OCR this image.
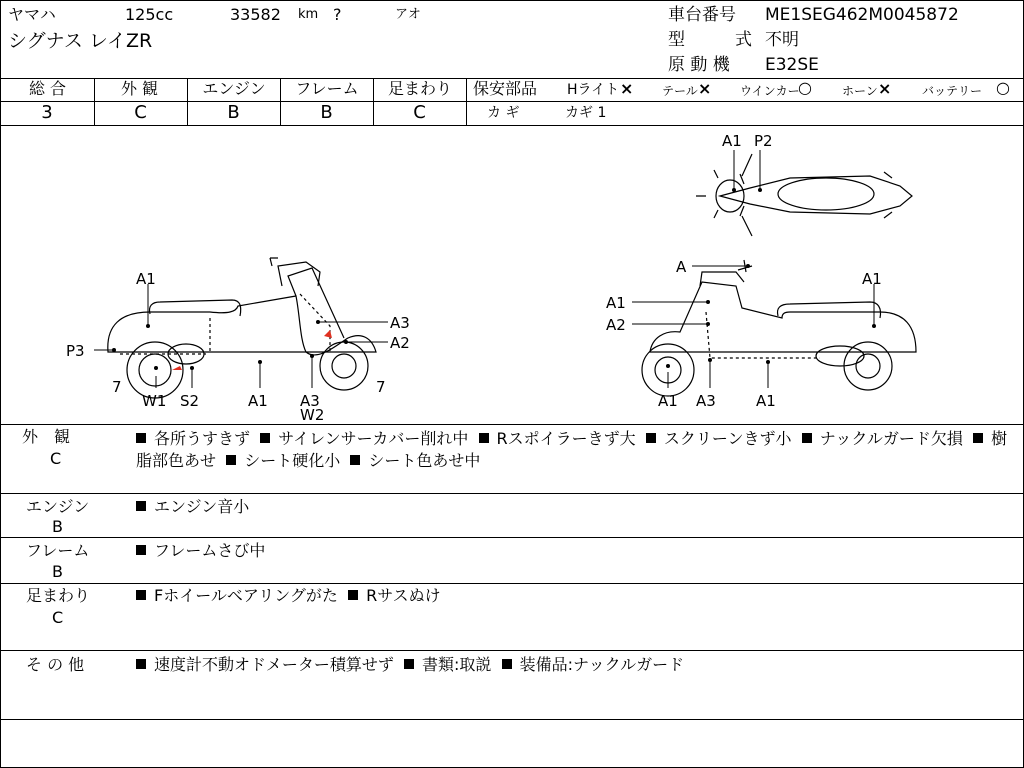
ヤマハ	125cc	33582 km ?	アオ
シグナス レイZR
車台番号 ME1SEG462M0045872
型	式 不明
原 動 機 E32SE
総 合	外 観	エンジン	フレーム	足まわり
3	C	B	B	C
保安部品 Hライト × テール × ウインカー
○	ホーン ×	バッテリー ○
カ ギ	カギ 1
A1
P3
7
W1 S2	A1 A3
W2
A3
A2
7
A
A1
A2
A1
A1 A3	A1
A1 P2
外　観
C
各所うすきず サイレンサーカバー削れ中 Rスポイラーきず大 スクリーンきず小 ナックルガード欠損 樹脂部色あせ シート硬化小 シート色あせ中
エンジン
B
エンジン音小
フレーム
B
フレームさび中
足まわり
C
Fホイールベアリングがた Rサスぬけ
そ の 他	速度計不動オドメーター積算せず 書類:取説 装備品:ナックルガード
